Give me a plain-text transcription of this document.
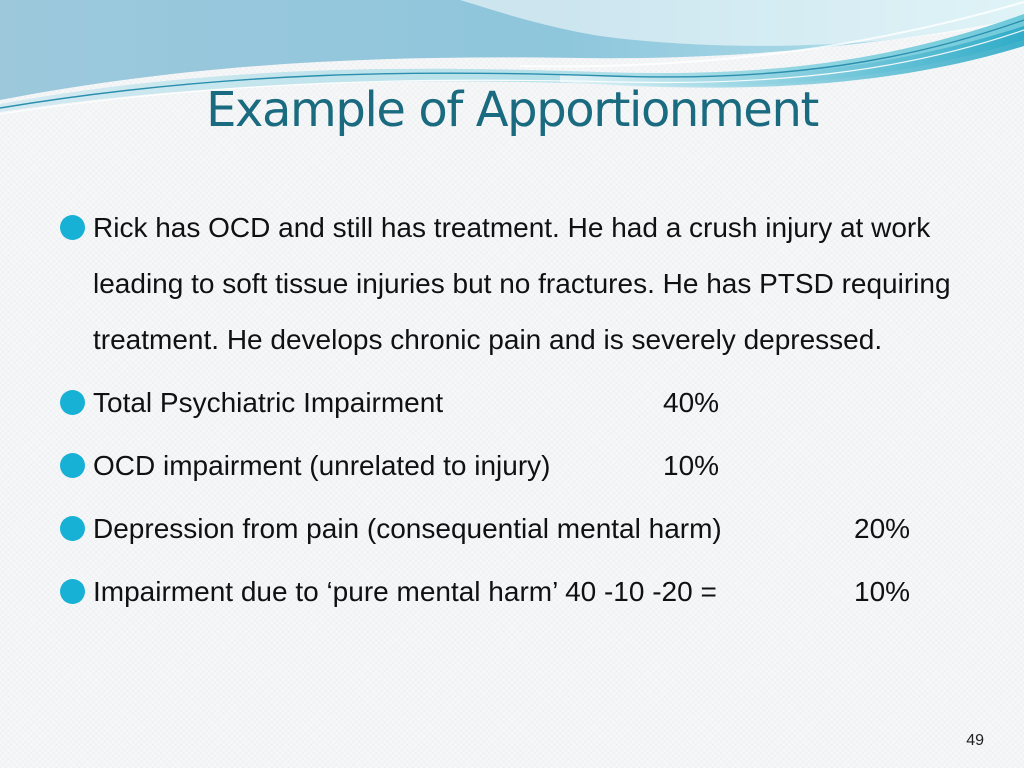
Example of Apportionment
Rick has OCD and still has treatment. He had a crush injury at work leading to soft tissue injuries but no fractures. He has PTSD requiring treatment. He develops chronic pain and is severely depressed.
Total Psychiatric Impairment	40%
OCD impairment (unrelated to injury)	10%
Depression from pain (consequential mental harm)	20%
Impairment due to ‘pure mental harm’ 40 -10 -20 =	10%
49
